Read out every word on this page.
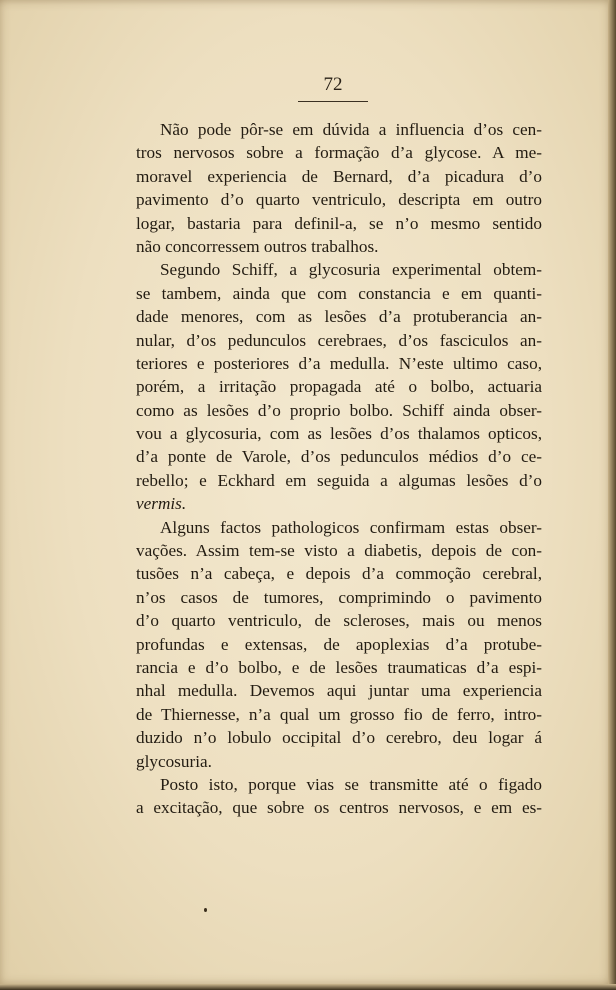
72
Não pode pôr-se em dúvida a influencia d’os cen-
tros nervosos sobre a formação d’a glycose. A me-
moravel experiencia de Bernard, d’a picadura d’o
pavimento d’o quarto ventriculo, descripta em outro
logar, bastaria para definil-a, se n’o mesmo sentido
não concorressem outros trabalhos.
Segundo Schiff, a glycosuria experimental obtem-
se tambem, ainda que com constancia e em quanti-
dade menores, com as lesões d’a protuberancia an-
nular, d’os pedunculos cerebraes, d’os fasciculos an-
teriores e posteriores d’a medulla. N’este ultimo caso,
porém, a irritação propagada até o bolbo, actuaria
como as lesões d’o proprio bolbo. Schiff ainda obser-
vou a glycosuria, com as lesões d’os thalamos opticos,
d’a ponte de Varole, d’os pedunculos médios d’o ce-
rebello; e Eckhard em seguida a algumas lesões d’o
vermis.
Alguns factos pathologicos confirmam estas obser-
vações. Assim tem-se visto a diabetis, depois de con-
tusões n’a cabeça, e depois d’a commoção cerebral,
n’os casos de tumores, comprimindo o pavimento
d’o quarto ventriculo, de scleroses, mais ou menos
profundas e extensas, de apoplexias d’a protube-
rancia e d’o bolbo, e de lesões traumaticas d’a espi-
nhal medulla. Devemos aqui juntar uma experiencia
de Thiernesse, n’a qual um grosso fio de ferro, intro-
duzido n’o lobulo occipital d’o cerebro, deu logar á
glycosuria.
Posto isto, porque vias se transmitte até o figado
a excitação, que sobre os centros nervosos, e em es-
